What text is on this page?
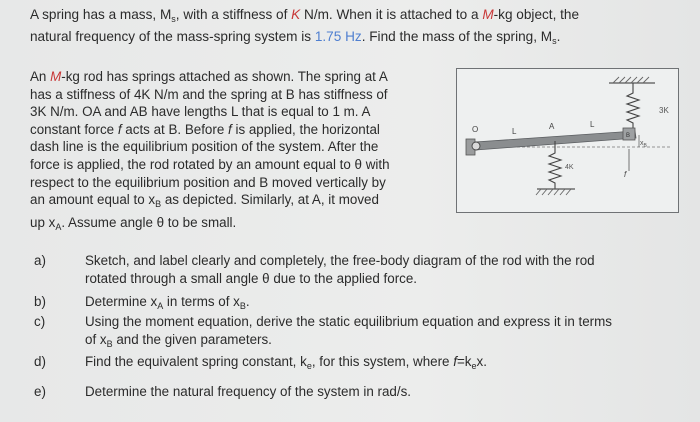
A spring has a mass, $M_s$, with a stiffness of K N/m. When it is attached to a M-kg object, the
natural frequency of the mass-spring system is 1.75 Hz. Find the mass of the spring, $M_s$.
An M-kg rod has springs attached as shown. The spring at A
has a stiffness of 4K N/m and the spring at B has stiffness of
3K N/m. OA and AB have lengths L that is equal to 1 m. A
constant force f acts at B. Before f is applied, the horizontal
dash line is the equilibrium position of the system. After the
force is applied, the rod rotated by an amount equal to θ with
respect to the equilibrium position and B moved vertically by
an amount equal to $x_B$ as depicted. Similarly, at A, it moved
up $x_A$. Assume angle θ to be small.
3K
O	L
A	L
B
$x_B$
4K
f
a)	Sketch, and label clearly and completely, the free-body diagram of the rod with the rod
rotated through a small angle θ due to the applied force.
b)	Determine $x_A$ in terms of $x_B$.
c)	Using the moment equation, derive the static equilibrium equation and express it in terms
of $x_B$ and the given parameters.
d)	Find the equivalent spring constant, $k_e$, for this system, where $f=k_ex$.
e)	Determine the natural frequency of the system in rad/s.
